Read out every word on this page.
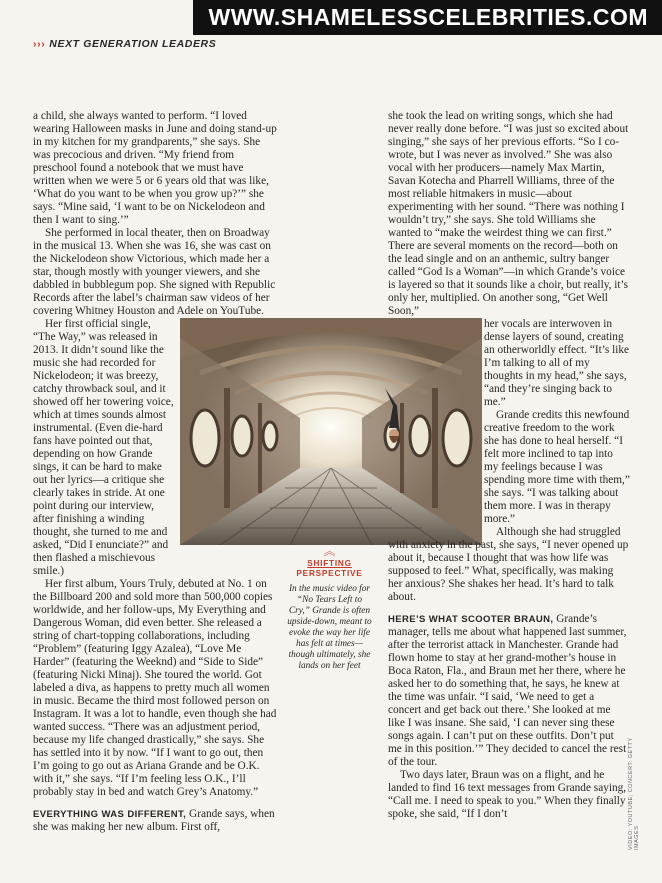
WWW.SHAMELESSCELEBRITIES.COM
››› NEXT GENERATION LEADERS

a child, she always wanted to perform. “I loved wearing Halloween masks in June and doing stand-up in my kitchen for my grandparents,” she says. She was precocious and driven. “My friend from preschool found a notebook that we must have written when we were 5 or 6 years old that was like, ‘What do you want to be when you grow up?’” she says. “Mine said, ‘I want to be on Nickelodeon and then I want to sing.’”

She performed in local theater, then on Broadway in the musical 13. When she was 16, she was cast on the Nickelodeon show Victorious, which made her a star, though mostly with younger viewers, and she dabbled in bubblegum pop. She signed with Republic Records after the label’s chairman saw videos of her covering Whitney Houston and Adele on YouTube.

Her first official single, “The Way,” was released in 2013. It didn’t sound like the music she had recorded for Nickelodeon; it was breezy, catchy throwback soul, and it showed off her towering voice, which at times sounds almost instrumental. (Even die-hard fans have pointed out that, depending on how Grande sings, it can be hard to make out her lyrics—a critique she clearly takes in stride. At one point during our interview, after finishing a winding thought, she turned to me and asked, “Did I enunciate?” and then flashed a mischievous smile.)

Her first album, Yours Truly, debuted at No. 1 on the Billboard 200 and sold more than 500,000 copies worldwide, and her follow-ups, My Everything and Dangerous Woman, did even better. She released a string of chart-topping collaborations, including “Problem” (featuring Iggy Azalea), “Love Me Harder” (featuring the Weeknd) and “Side to Side” (featuring Nicki Minaj). She toured the world. Got labeled a diva, as happens to pretty much all women in music. Became the third most followed person on Instagram. It was a lot to handle, even though she had wanted success. “There was an adjustment period, because my life changed drastically,” she says. She has settled into it by now. “If I want to go out, then I’m going to go out as Ariana Grande and be O.K. with it,” she says. “If I’m feeling less O.K., I’ll probably stay in bed and watch Grey’s Anatomy.”

EVERYTHING WAS DIFFERENT, Grande says, when she was making her new album. First off,

︽
SHIFTING
PERSPECTIVE
In the music video for “No Tears Left to Cry,” Grande is often upside-down, meant to evoke the way her life has felt at times—though ultimately, she lands on her feet

she took the lead on writing songs, which she had never really done before. “I was just so excited about singing,” she says of her previous efforts. “So I co-wrote, but I was never as involved.” She was also vocal with her producers—namely Max Martin, Savan Kotecha and Pharrell Williams, three of the most reliable hitmakers in music—about experimenting with her sound. “There was nothing I wouldn’t try,” she says. She told Williams she wanted to “make the weirdest thing we can first.” There are several moments on the record—both on the lead single and on an anthemic, sultry banger called “God Is a Woman”—in which Grande’s voice is layered so that it sounds like a choir, but really, it’s only her, multiplied. On another song, “Get Well Soon,”

her vocals are interwoven in dense layers of sound, creating an otherworldly effect. “It’s like I’m talking to all of my thoughts in my head,” she says, “and they’re singing back to me.”

Grande credits this newfound creative freedom to the work she has done to heal herself. “I felt more inclined to tap into my feelings because I was spending more time with them,” she says. “I was talking about them more. I was in therapy more.”

Although she had struggled

with anxiety in the past, she says, “I never opened up about it, because I thought that was how life was supposed to feel.” What, specifically, was making her anxious? She shakes her head. It’s hard to talk about.

HERE’S WHAT SCOOTER BRAUN, Grande’s manager, tells me about what happened last summer, after the terrorist attack in Manchester. Grande had flown home to stay at her grand-mother’s house in Boca Raton, Fla., and Braun met her there, where he asked her to do something that, he says, he knew at the time was unfair. “I said, ‘We need to get a concert and get back out there.’ She looked at me like I was insane. She said, ‘I can never sing these songs again. I can’t put on these outfits. Don’t put me in this position.’” They decided to cancel the rest of the tour.

Two days later, Braun was on a flight, and he landed to find 16 text messages from Grande saying, “Call me. I need to speak to you.” When they finally spoke, she said, “If I don’t	VIDEO: YOUTUBE; CONCERT: GETTY IMAGES
